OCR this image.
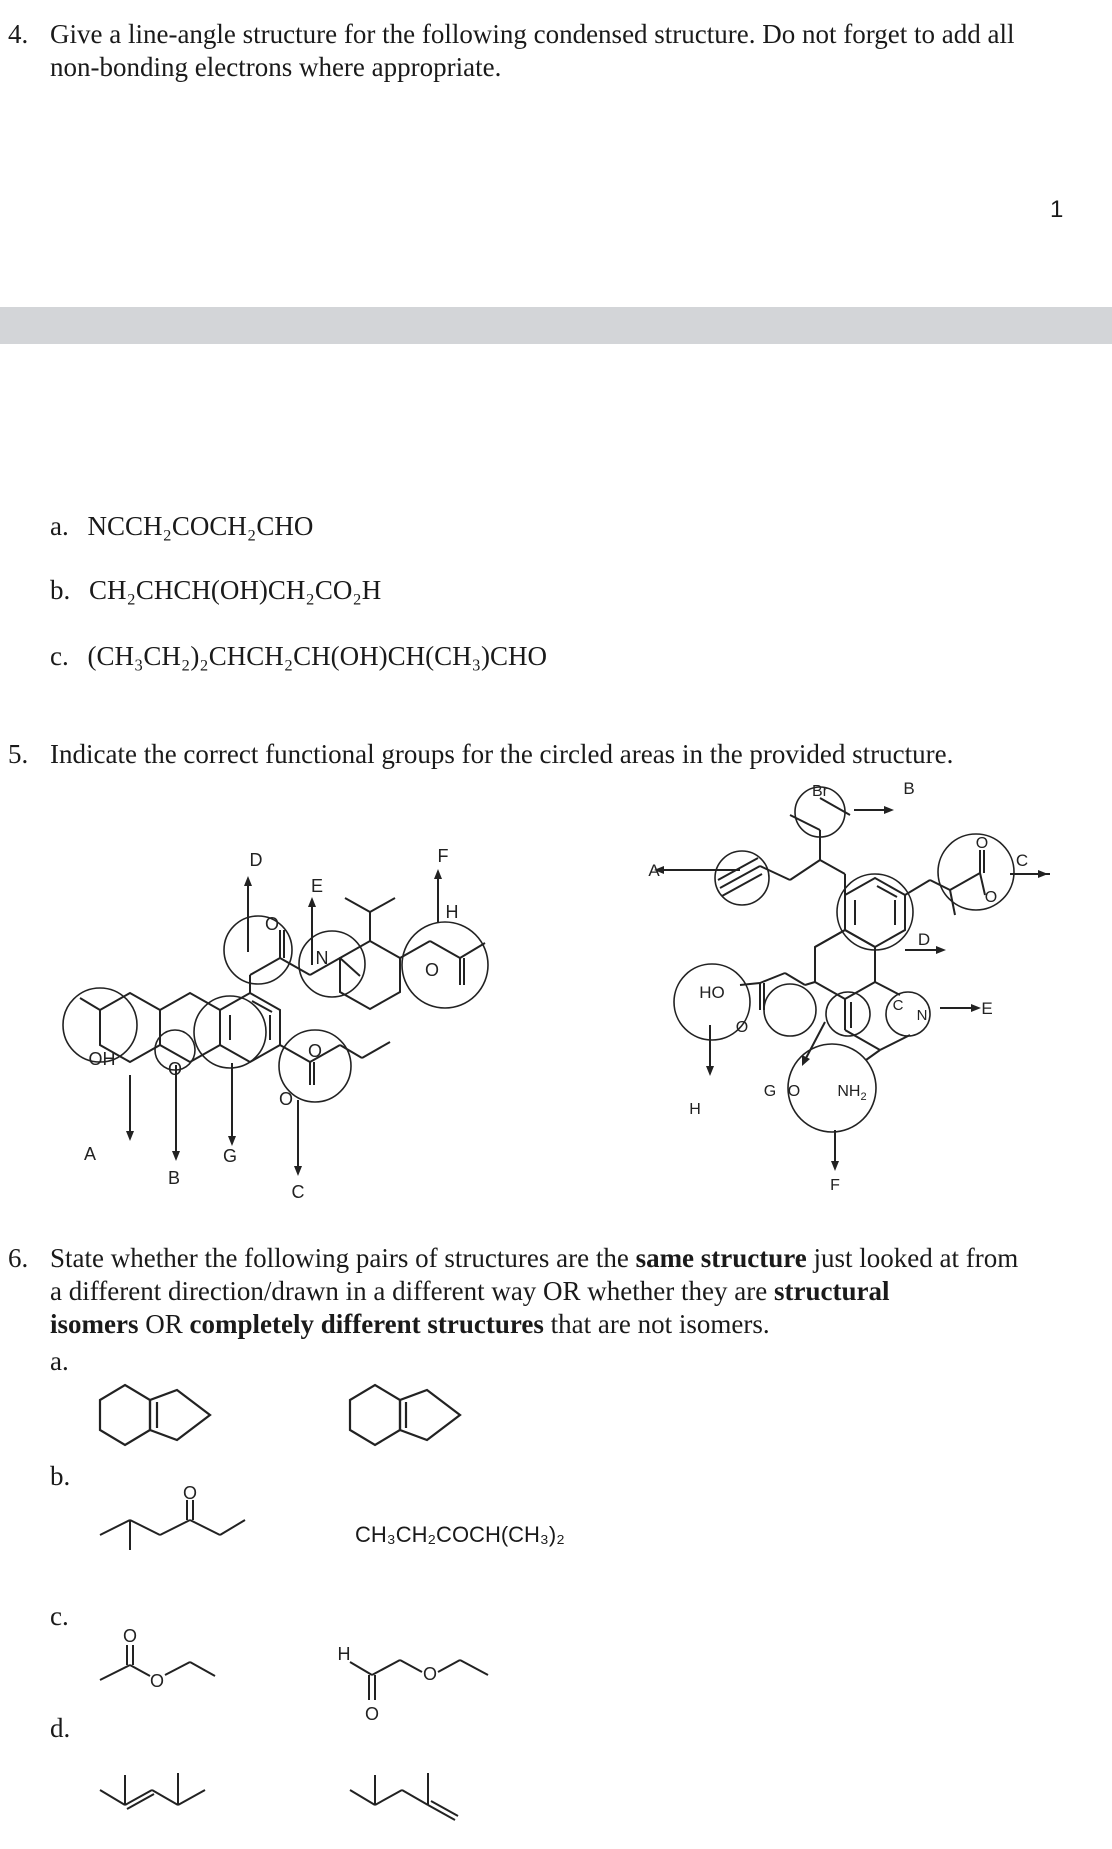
4. Give a line-angle structure for the following condensed structure. Do not forget to add all
non-bonding electrons where appropriate.
1
a. NCCH₂COCH₂CHO
b. CH₂CHCH(OH)CH₂CO₂H
c. (CH₃CH₂)₂CHCH₂CH(OH)CH(CH₃)CHO
5. Indicate the correct functional groups for the circled areas in the provided structure.
D
E
F
H
N
O
O
OH	O
O
O
A
B
G
C
Br	B
A
C
O
O
D
HO
O
C
N	E
G O $NH_2$
H
F
6. State whether the following pairs of structures are the same structure just looked at from
a different direction/drawn in a different way OR whether they are structural
isomers OR completely different structures that are not isomers.
a.
b.
c.
d.
O
CH₃CH₂COCH(CH₃)₂
O
O
H
O
O
